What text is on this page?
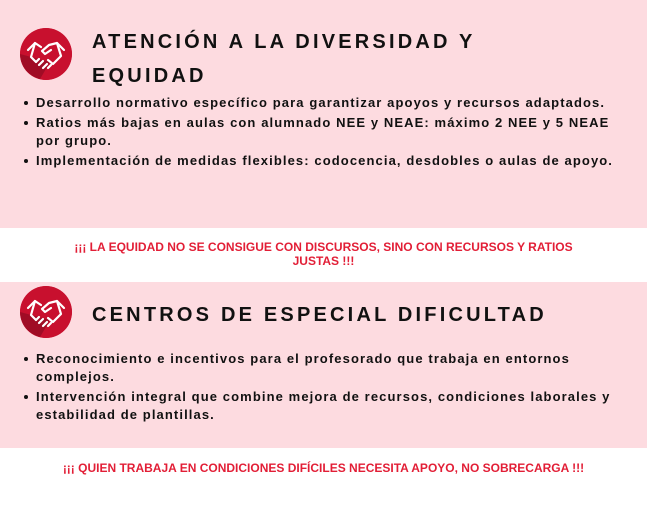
ATENCIÓN A LA DIVERSIDAD Y EQUIDAD
Desarrollo normativo específico para garantizar apoyos y recursos adaptados.
Ratios más bajas en aulas con alumnado NEE y NEAE: máximo 2 NEE y 5 NEAE por grupo.
Implementación de medidas flexibles: codocencia, desdobles o aulas de apoyo.

¡¡¡ LA EQUIDAD NO SE CONSIGUE CON DISCURSOS, SINO CON RECURSOS Y RATIOS JUSTAS !!!

CENTROS DE ESPECIAL DIFICULTAD
Reconocimiento e incentivos para el profesorado que trabaja en entornos complejos.
Intervención integral que combine mejora de recursos, condiciones laborales y estabilidad de plantillas.

¡¡¡ QUIEN TRABAJA EN CONDICIONES DIFÍCILES NECESITA APOYO, NO SOBRECARGA !!!
